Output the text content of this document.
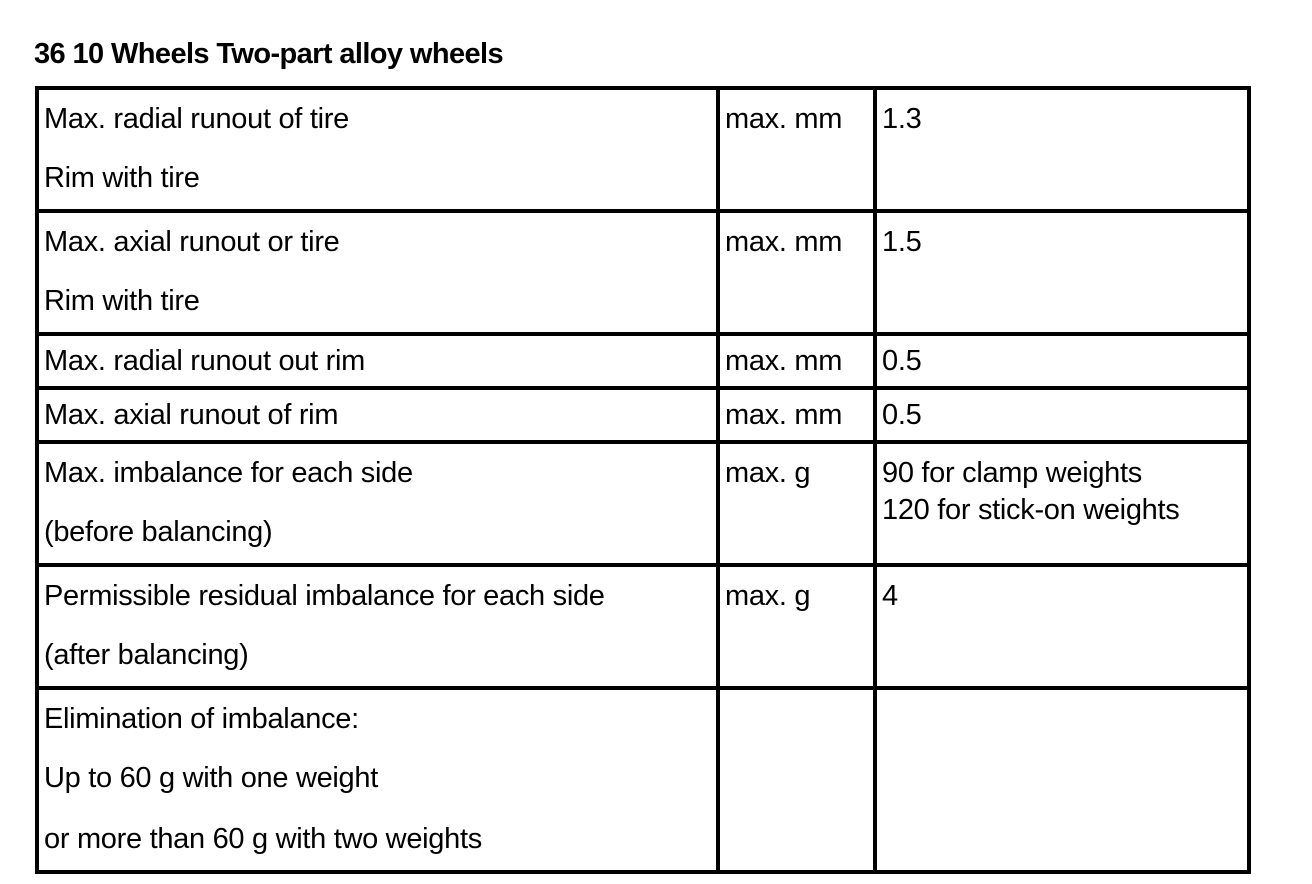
36 10 Wheels Two-part alloy wheels
Max. radial runout of tire
Rim with tire	max. mm	1.3

Max. axial runout or tire
Rim with tire	max. mm	1.5

Max. radial runout out rim	max. mm	0.5

Max. axial runout of rim	max. mm	0.5

Max. imbalance for each side
(before balancing)	max. g	90 for clamp weights
120 for stick-on weights

Permissible residual imbalance for each side
(after balancing)	max. g	4

Elimination of imbalance:
Up to 60 g with one weight
or more than 60 g with two weights		
